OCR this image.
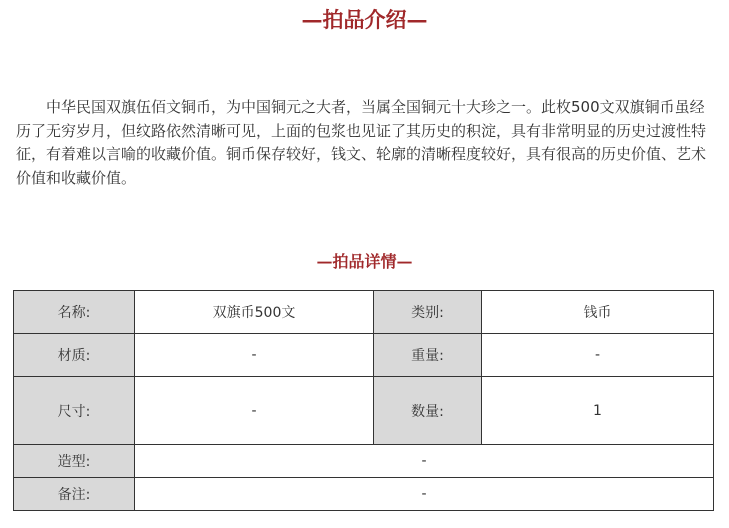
—拍品介绍—

中华民国双旗伍佰文铜币，为中国铜元之大者，当属全国铜元十大珍之一。此枚500文双旗铜币虽经历了无穷岁月，但纹路依然清晰可见，上面的包浆也见证了其历史的积淀，具有非常明显的历史过渡性特征，有着难以言喻的收藏价值。铜币保存较好，钱文、轮廓的清晰程度较好，具有很高的历史价值、艺术价值和收藏价值。

—拍品详情—
名称:	双旗币500文	类别:	钱币
材质:	-	重量:	-
尺寸:	-	数量:	1
造型:	-		
备注:	-		
